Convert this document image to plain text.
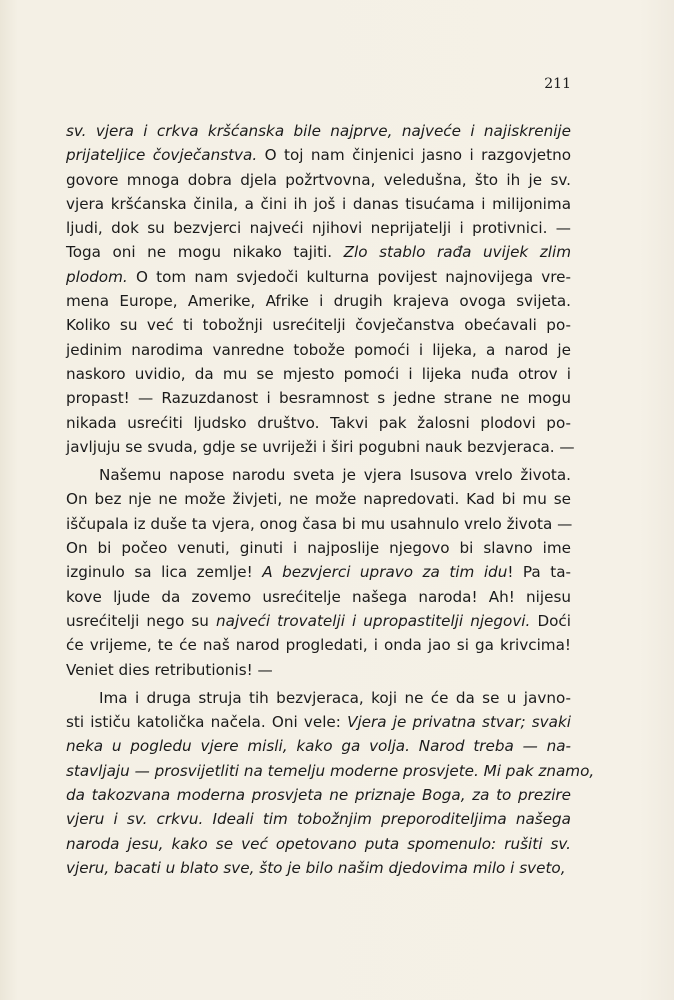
211
sv. vjera i crkva kršćanska bile najprve, najveće i najiskrenije
prijateljice čovječanstva. O toj nam činjenici jasno i razgovjetno
govore mnoga dobra djela požrtvovna, veledušna, što ih je sv.
vjera kršćanska činila, a čini ih još i danas tisućama i milijonima
ljudi, dok su bezvjerci najveći njihovi neprijatelji i protivnici. —
Toga oni ne mogu nikako tajiti. Zlo stablo rađa uvijek zlim
plodom. O tom nam svjedoči kulturna povijest najnovijega vre-
mena Europe, Amerike, Afrike i drugih krajeva ovoga svijeta.
Koliko su već ti tobožnji usrećitelji čovječanstva obećavali po-
jedinim narodima vanredne tobože pomoći i lijeka, a narod je
naskoro uvidio, da mu se mjesto pomoći i lijeka nuđa otrov i
propast! — Razuzdanost i besramnost s jedne strane ne mogu
nikada usrećiti ljudsko društvo. Takvi pak žalosni plodovi po-
javljuju se svuda, gdje se uvriježi i širi pogubni nauk bezvjeraca. —
Našemu napose narodu sveta je vjera Isusova vrelo života.
On bez nje ne može živjeti, ne može napredovati. Kad bi mu se
iščupala iz duše ta vjera, onog časa bi mu usahnulo vrelo života —
On bi počeo venuti, ginuti i najposlije njegovo bi slavno ime
izginulo sa lica zemlje! A bezvjerci upravo za tim idu! Pa ta-
kove ljude da zovemo usrećitelje našega naroda! Ah! nijesu
usrećitelji nego su najveći trovatelji i upropastitelji njegovi. Doći
će vrijeme, te će naš narod progledati, i onda jao si ga krivcima!
Veniet dies retributionis! —
Ima i druga struja tih bezvjeraca, koji ne će da se u javno-
sti ističu katolička načela. Oni vele: Vjera je privatna stvar; svaki
neka u pogledu vjere misli, kako ga volja. Narod treba — na-
stavljaju — prosvijetliti na temelju moderne prosvjete. Mi pak znamo,
da takozvana moderna prosvjeta ne priznaje Boga, za to prezire
vjeru i sv. crkvu. Ideali tim tobožnjim preporoditeljima našega
naroda jesu, kako se već opetovano puta spomenulo: rušiti sv.
vjeru, bacati u blato sve, što je bilo našim djedovima milo i sveto,
